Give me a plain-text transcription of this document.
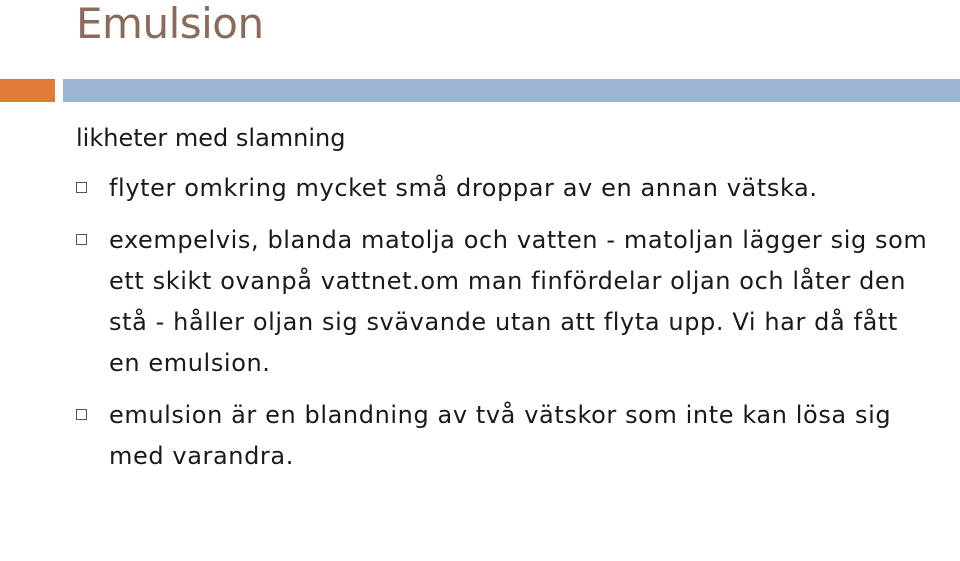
Emulsion
likheter med slamning
flyter omkring mycket små droppar av en annan vätska.
exempelvis, blanda matolja och vatten - matoljan lägger sig som ett skikt ovanpå vattnet.om man finfördelar oljan och låter den stå - håller oljan sig svävande utan att flyta upp. Vi har då fått en emulsion.
emulsion är en blandning av två vätskor som inte kan lösa sig med varandra.
